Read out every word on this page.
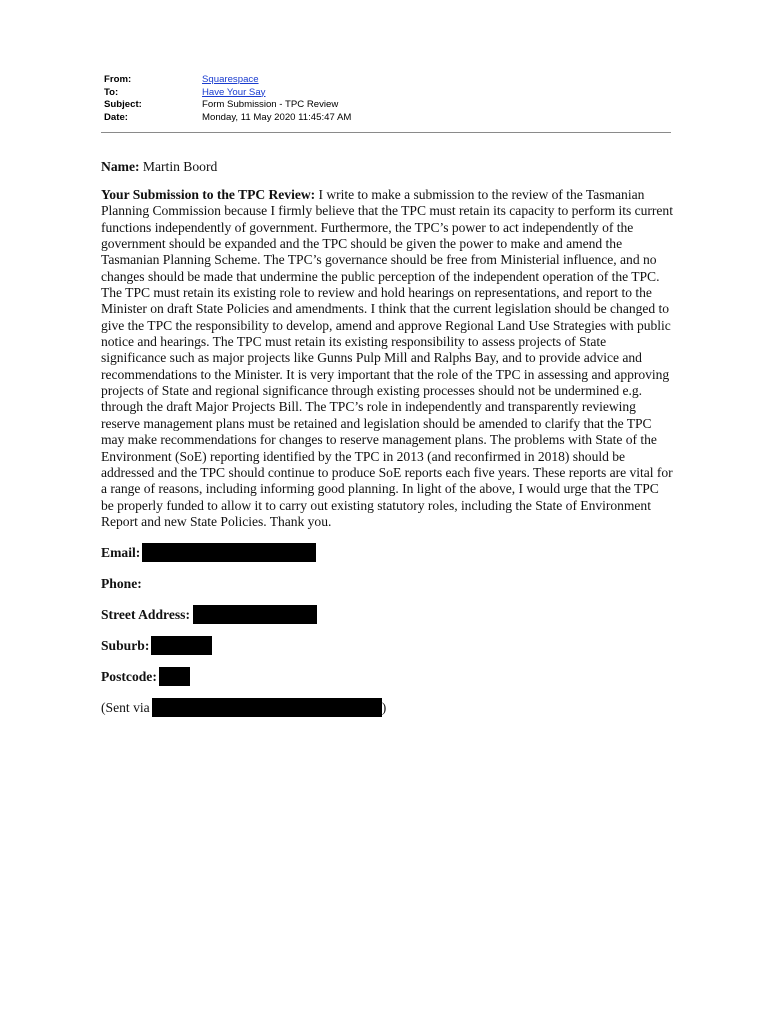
From:	Squarespace
To:	Have Your Say
Subject:	Form Submission - TPC Review
Date:	Monday, 11 May 2020 11:45:47 AM

Name: Martin Boord

Your Submission to the TPC Review: I write to make a submission to the review of the Tasmanian Planning Commission because I firmly believe that the TPC must retain its capacity to perform its current functions independently of government. Furthermore, the TPC’s power to act independently of the government should be expanded and the TPC should be given the power to make and amend the Tasmanian Planning Scheme. The TPC’s governance should be free from Ministerial influence, and no changes should be made that undermine the public perception of the independent operation of the TPC. The TPC must retain its existing role to review and hold hearings on representations, and report to the Minister on draft State Policies and amendments. I think that the current legislation should be changed to give the TPC the responsibility to develop, amend and approve Regional Land Use Strategies with public notice and hearings. The TPC must retain its existing responsibility to assess projects of State significance such as major projects like Gunns Pulp Mill and Ralphs Bay, and to provide advice and recommendations to the Minister. It is very important that the role of the TPC in assessing and approving projects of State and regional significance through existing processes should not be undermined e.g. through the draft Major Projects Bill. The TPC’s role in independently and transparently reviewing reserve management plans must be retained and legislation should be amended to clarify that the TPC may make recommendations for changes to reserve management plans. The problems with State of the Environment (SoE) reporting identified by the TPC in 2013 (and reconfirmed in 2018) should be addressed and the TPC should continue to produce SoE reports each five years. These reports are vital for a range of reasons, including informing good planning. In light of the above, I would urge that the TPC be properly funded to allow it to carry out existing statutory roles, including the State of Environment Report and new State Policies. Thank you.

Email:
Phone:
Street Address:
Suburb:
Postcode:
(Sent via	)
